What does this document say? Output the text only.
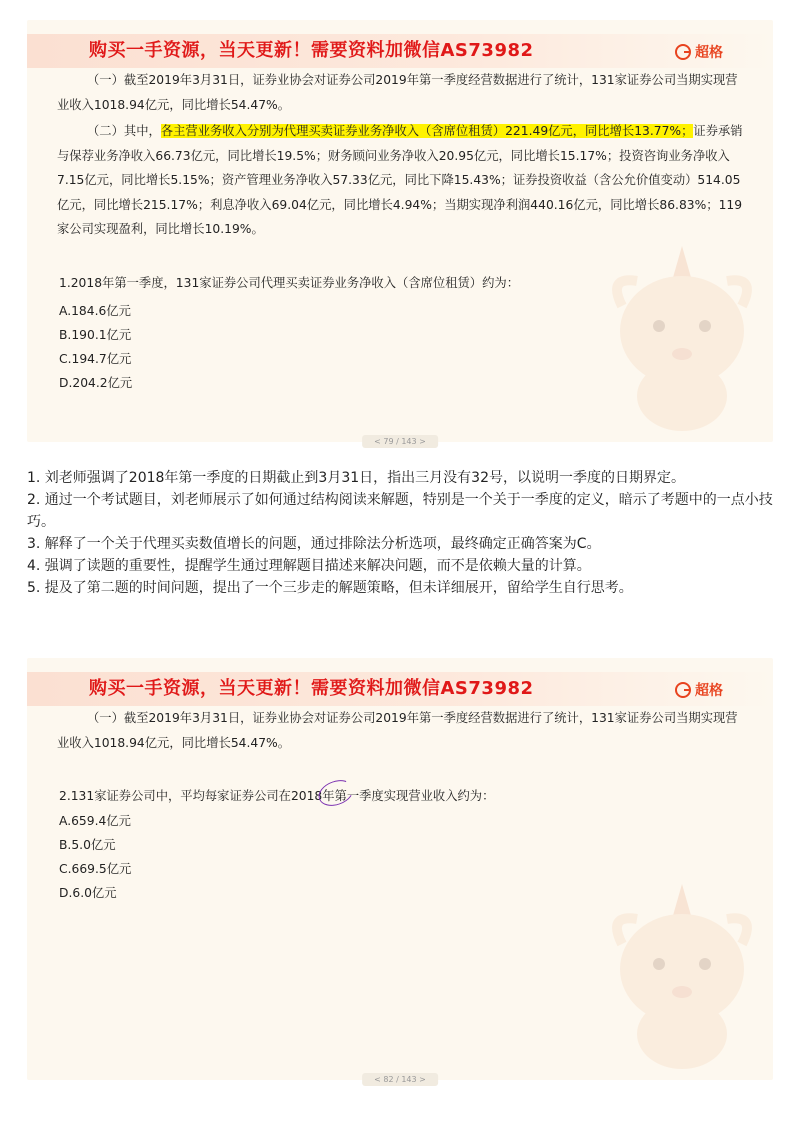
购买一手资源，当天更新！需要资料加微信AS73982	超格
（一）截至2019年3月31日，证券业协会对证券公司2019年第一季度经营数据进行了统计，131家证券公司当期实现营业收入1018.94亿元，同比增长54.47%。
（二）其中，各主营业务收入分别为代理买卖证券业务净收入（含席位租赁）221.49亿元，同比增长13.77%；证券承销与保荐业务净收入66.73亿元，同比增长19.5%；财务顾问业务净收入20.95亿元，同比增长15.17%；投资咨询业务净收入7.15亿元，同比增长5.15%；资产管理业务净收入57.33亿元，同比下降15.43%；证券投资收益（含公允价值变动）514.05亿元，同比增长215.17%；利息净收入69.04亿元，同比增长4.94%；当期实现净利润440.16亿元，同比增长86.83%；119家公司实现盈利，同比增长10.19%。
1.2018年第一季度，131家证券公司代理买卖证券业务净收入（含席位租赁）约为：
A.184.6亿元
B.190.1亿元
C.194.7亿元
D.204.2亿元
< 79 / 143 >

1. 刘老师强调了2018年第一季度的日期截止到3月31日，指出三月没有32号，以说明一季度的日期界定。

2. 通过一个考试题目，刘老师展示了如何通过结构阅读来解题，特别是一个关于一季度的定义，暗示了考题中的一点小技巧。

3. 解释了一个关于代理买卖数值增长的问题，通过排除法分析选项，最终确定正确答案为C。

4. 强调了读题的重要性，提醒学生通过理解题目描述来解决问题，而不是依赖大量的计算。

5. 提及了第二题的时间问题，提出了一个三步走的解题策略，但未详细展开，留给学生自行思考。

购买一手资源，当天更新！需要资料加微信AS73982	超格
（一）截至2019年3月31日，证券业协会对证券公司2019年第一季度经营数据进行了统计，131家证券公司当期实现营业收入1018.94亿元，同比增长54.47%。
2.131家证券公司中，平均每家证券公司在2018年第一季度实现营业收入约为：
A.659.4亿元
B.5.0亿元
C.669.5亿元
D.6.0亿元
< 82 / 143 >
